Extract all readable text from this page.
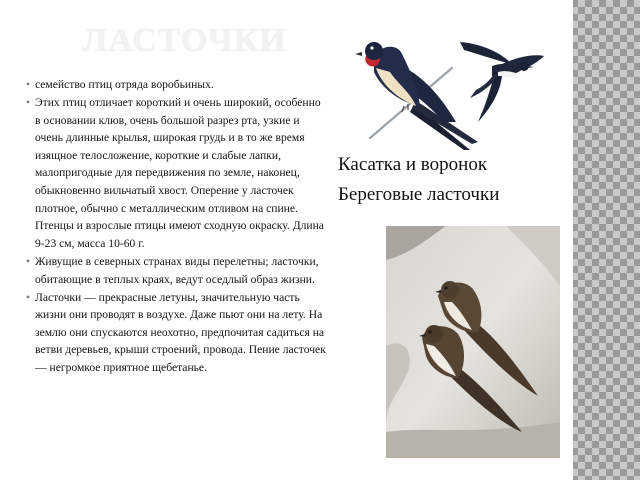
ЛАСТОЧКИ
• семейство птиц отряда воробьиных.
• Этих птиц отличает короткий и очень широкий, особенно в основании клюв, очень большой разрез рта, узкие и очень длинные крылья, широкая грудь и в то же время изящное телосложение, короткие и слабые лапки, малопригодные для передвижения по земле, наконец, обыкновенно вильчатый хвост. Оперение у ласточек плотное, обычно с металлическим отливом на спине. Птенцы и взрослые птицы имеют сходную окраску. Длина 9-23 см, масса 10-60 г.
• Живущие в северных странах виды перелетны; ласточки, обитающие в теплых краях, ведут оседлый образ жизни.
• Ласточки — прекрасные летуны, значительную часть жизни они проводят в воздухе. Даже пьют они на лету. На землю они спускаются неохотно, предпочитая садиться на ветви деревьев, крыши строений, провода. Пение ласточек — негромкое приятное щебетанье.

Касатка и воронок

Береговые ласточки
